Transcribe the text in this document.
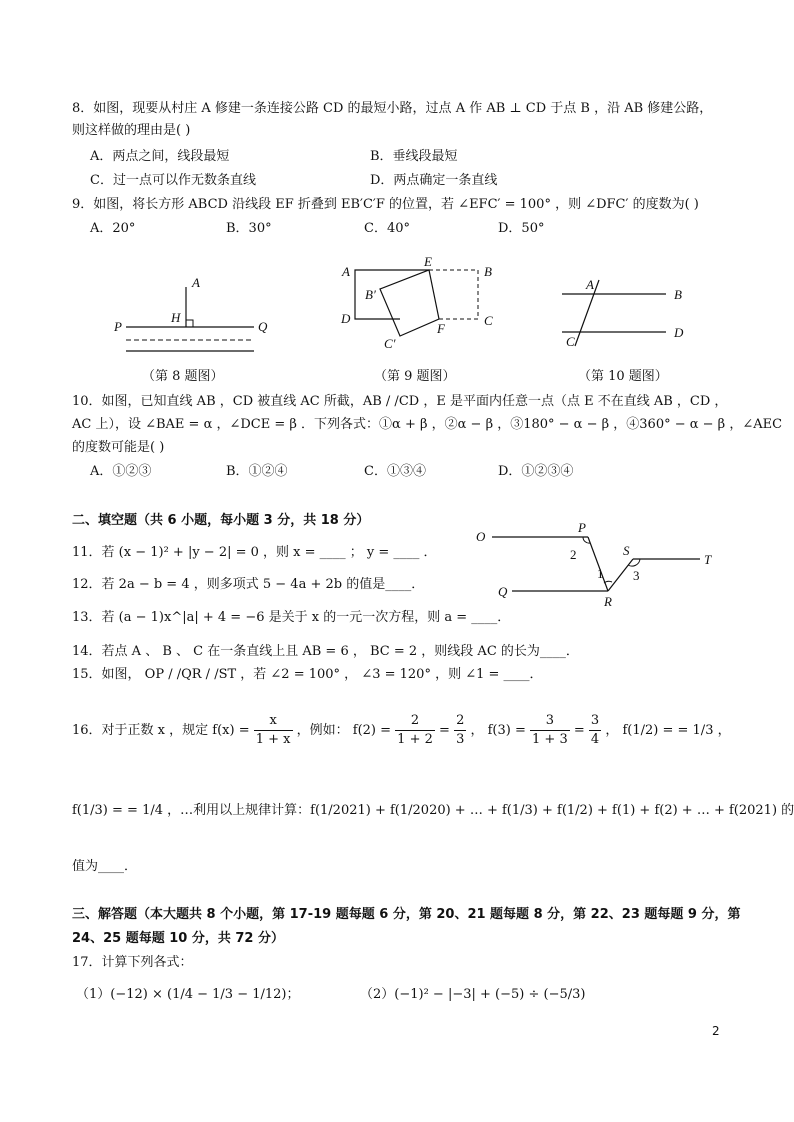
8．如图，现要从村庄 A 修建一条连接公路 CD 的最短小路，过点 A 作 AB ⊥ CD 于点 B ，沿 AB 修建公路，
则这样做的理由是( )
A．两点之间，线段最短	B．垂线段最短
C．过一点可以作无数条直线	D．两点确定一条直线
9．如图，将长方形 ABCD 沿线段 EF 折叠到 EB′C′F 的位置，若 ∠EFC′ = 100° ，则 ∠DFC′ 的度数为( )
A．20°	B．30°	C．40°	D．50°
A
H
P	Q
A
E
B
B′
D
F
C
C′
A
B
C
D
（第 8 题图）	（第 9 题图）	（第 10 题图）
10．如图，已知直线 AB ，CD 被直线 AC 所截，AB / /CD ，E 是平面内任意一点（点 E 不在直线 AB ，CD ，
AC 上），设 ∠BAE = α ，∠DCE = β ．下列各式：①α + β ，②α − β ，③180° − α − β ，④360° − α − β ，∠AEC
的度数可能是( )
A．①②③	B．①②④	C．①③④	D．①②③④
二、填空题（共 6 小题，每小题 3 分，共 18 分）
11．若 (x − 1)² + |y − 2| = 0 ，则 x = ____ ； y = ____ ．
12．若 2a − b = 4 ，则多项式 5 − 4a + 2b 的值是____．
13．若 (a − 1)x^|a| + 4 = −6 是关于 x 的一元一次方程，则 a = ____．
14．若点 A 、 B 、 C 在一条直线上且 AB = 6 ， BC = 2 ，则线段 AC 的长为____．
15．如图， OP / /QR / /ST ，若 ∠2 = 100° ， ∠3 = 120° ，则 ∠1 = ____．
O
P
S
T
Q
R
1
2
3
16．对于正数 x ，规定 $f(x) = \frac{x}{1 + x}$ ，例如： $f(2) = \frac{2}{1 + 2} = \frac{2}{3}$ ， $f(3) = \frac{3}{1 + 3} = \frac{3}{4}$ ， f(1/2) = = 1/3 ，
f(1/3) = = 1/4 ，…利用以上规律计算：f(1/2021) + f(1/2020) + … + f(1/3) + f(1/2) + f(1) + f(2) + … + f(2021) 的
值为____．
三、解答题（本大题共 8 个小题，第 17-19 题每题 6 分，第 20、21 题每题 8 分，第 22、23 题每题 9 分，第
24、25 题每题 10 分，共 72 分）
17．计算下列各式：
（1）(−12) × (1/4 − 1/3 − 1/12)；	（2）(−1)² − |−3| + (−5) ÷ (−5/3)
2
